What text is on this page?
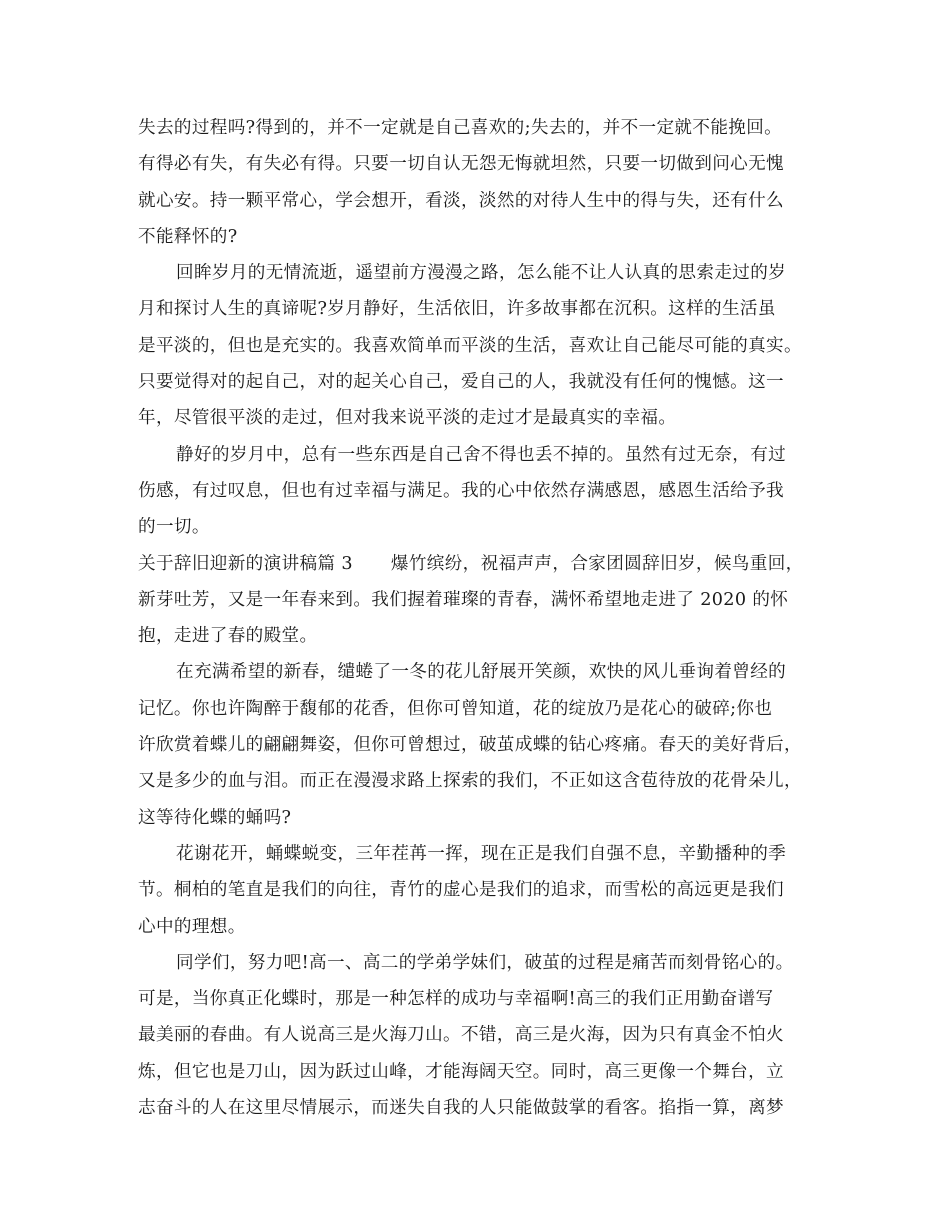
失去的过程吗?得到的，并不一定就是自己喜欢的;失去的，并不一定就不能挽回。
有得必有失，有失必有得。只要一切自认无怨无悔就坦然，只要一切做到问心无愧
就心安。持一颗平常心，学会想开，看淡，淡然的对待人生中的得与失，还有什么
不能释怀的?
回眸岁月的无情流逝，遥望前方漫漫之路，怎么能不让人认真的思索走过的岁
月和探讨人生的真谛呢?岁月静好，生活依旧，许多故事都在沉积。这样的生活虽
是平淡的，但也是充实的。我喜欢简单而平淡的生活，喜欢让自己能尽可能的真实。
只要觉得对的起自己，对的起关心自己，爱自己的人，我就没有任何的愧憾。这一
年，尽管很平淡的走过，但对我来说平淡的走过才是最真实的幸福。
静好的岁月中，总有一些东西是自己舍不得也丢不掉的。虽然有过无奈，有过
伤感，有过叹息，但也有过幸福与满足。我的心中依然存满感恩，感恩生活给予我
的一切。
关于辞旧迎新的演讲稿篇 3 爆竹缤纷，祝福声声，合家团圆辞旧岁，候鸟重回，
新芽吐芳，又是一年春来到。我们握着璀璨的青春，满怀希望地走进了 2020 的怀
抱，走进了春的殿堂。
在充满希望的新春，缱蜷了一冬的花儿舒展开笑颜，欢快的风儿垂询着曾经的
记忆。你也许陶醉于馥郁的花香，但你可曾知道，花的绽放乃是花心的破碎;你也
许欣赏着蝶儿的翩翩舞姿，但你可曾想过，破茧成蝶的钻心疼痛。春天的美好背后，
又是多少的血与泪。而正在漫漫求路上探索的我们，不正如这含苞待放的花骨朵儿，
这等待化蝶的蛹吗?
花谢花开，蛹蝶蜕变，三年茬苒一挥，现在正是我们自强不息，辛勤播种的季
节。桐柏的笔直是我们的向往，青竹的虚心是我们的追求，而雪松的高远更是我们
心中的理想。
同学们，努力吧!高一、高二的学弟学妹们，破茧的过程是痛苦而刻骨铭心的。
可是，当你真正化蝶时，那是一种怎样的成功与幸福啊!高三的我们正用勤奋谱写
最美丽的春曲。有人说高三是火海刀山。不错，高三是火海，因为只有真金不怕火
炼，但它也是刀山，因为跃过山峰，才能海阔天空。同时，高三更像一个舞台，立
志奋斗的人在这里尽情展示，而迷失自我的人只能做鼓掌的看客。掐指一算，离梦
